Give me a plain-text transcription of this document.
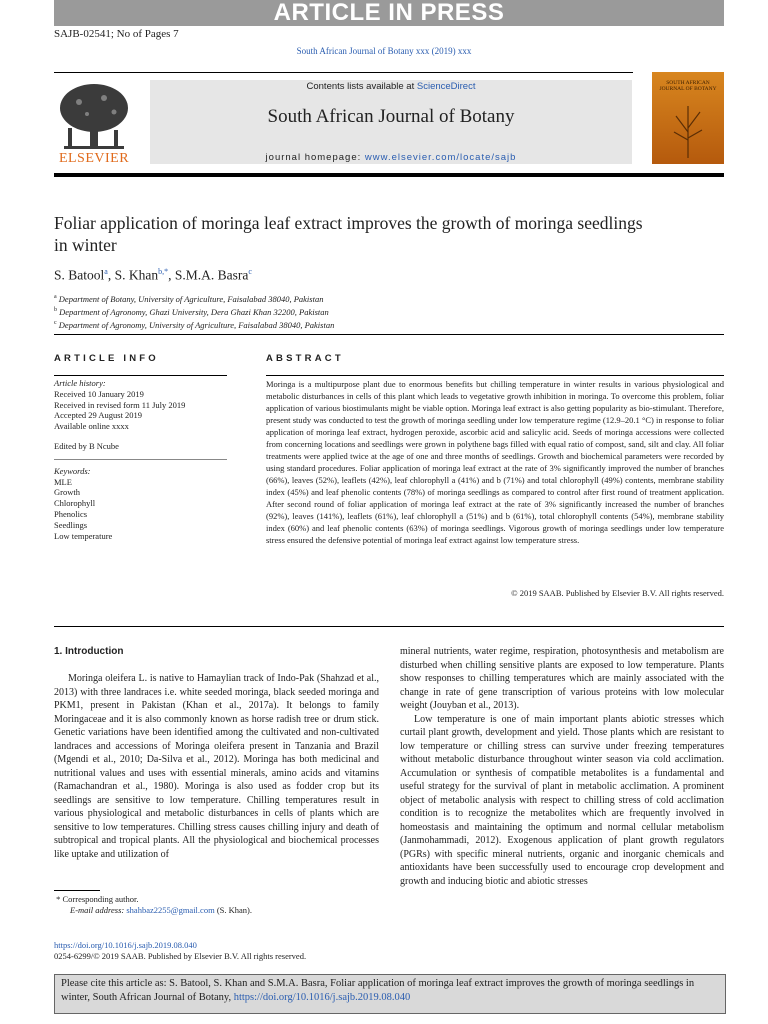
ARTICLE IN PRESS
SAJB-02541; No of Pages 7
South African Journal of Botany xxx (2019) xxx
ELSEVIER
Contents lists available at ScienceDirect
South African Journal of Botany
journal homepage: www.elsevier.com/locate/sajb
SOUTH AFRICAN JOURNAL OF BOTANY
Foliar application of moringa leaf extract improves the growth of moringa seedlings in winter
S. Batool$^a$, S. Khan$^{b,*}$, S.M.A. Basra$^c$
$^a$ Department of Botany, University of Agriculture, Faisalabad 38040, Pakistan
$^b$ Department of Agronomy, Ghazi University, Dera Ghazi Khan 32200, Pakistan
$^c$ Department of Agronomy, University of Agriculture, Faisalabad 38040, Pakistan
ARTICLE INFO	ABSTRACT
Article history:
Received 10 January 2019
Received in revised form 11 July 2019
Accepted 29 August 2019
Available online xxxx
Edited by B Ncube
Keywords:
MLE
Growth
Chlorophyll
Phenolics
Seedlings
Low temperature
Moringa is a multipurpose plant due to enormous benefits but chilling temperature in winter results in various physiological and metabolic disturbances in cells of this plant which leads to vegetative growth inhibition in moringa. To overcome this problem, foliar application of various biostimulants might be viable option. Moringa leaf extract is also getting popularity as bio-stimulant. Therefore, present study was conducted to test the growth of moringa seedling under low temperature regime (12.9–20.1 °C) in response to foliar application of moringa leaf extract, hydrogen peroxide, ascorbic acid and salicylic acid. Seeds of moringa accessions were collected from concerning locations and seedlings were grown in polythene bags filled with equal ratio of compost, sand, silt and clay. All foliar treatments were applied twice at the age of one and three months of seedlings. Growth and biochemical parameters were recorded by using standard procedures. Foliar application of moringa leaf extract at the rate of 3% significantly improved the number of branches (66%), leaves (52%), leaflets (42%), leaf chlorophyll a (41%) and b (71%) and total chlorophyll (49%) contents, membrane stability index (45%) and leaf phenolic contents (78%) of moringa seedlings as compared to control after first round of treatment application. After second round of foliar application of moringa leaf extract at the rate of 3% significantly increased the number of branches (92%), leaves (141%), leaflets (61%), leaf chlorophyll a (51%) and b (61%), total chlorophyll contents (54%), membrane stability index (60%) and leaf phenolic contents (63%) of moringa seedlings. Vigorous growth of moringa seedlings under low temperature stress ensured the defensive potential of moringa leaf extract against low temperature stress.
© 2019 SAAB. Published by Elsevier B.V. All rights reserved.
1. Introduction

Moringa oleifera L. is native to Hamaylian track of Indo-Pak (Shahzad et al., 2013) with three landraces i.e. white seeded moringa, black seeded moringa and PKM1, present in Pakistan (Khan et al., 2017a). It belongs to family Moringaceae and it is also commonly known as horse radish tree or drum stick. Genetic variations have been identified among the cultivated and non-cultivated landraces and accessions of Moringa oleifera present in Tanzania and Brazil (Mgendi et al., 2010; Da-Silva et al., 2012). Moringa has both medicinal and nutritional values and uses with essential minerals, amino acids and vitamins (Ramachandran et al., 1980). Moringa is also used as fodder crop but its seedlings are sensitive to low temperature. Chilling temperatures result in various physiological and metabolic disturbances in cells of plants which are sensitive to low temperatures. Chilling stress causes chilling injury and death of subtropical and tropical plants. All the physiological and biochemical processes like uptake and utilization of

mineral nutrients, water regime, respiration, photosynthesis and metabolism are disturbed when chilling sensitive plants are exposed to low temperature. Plants show responses to chilling temperatures which are mainly associated with the change in rate of gene transcription of various proteins with low molecular weight (Jouyban et al., 2013).

Low temperature is one of main important plants abiotic stresses which curtail plant growth, development and yield. Those plants which are resistant to low temperature or chilling stress can survive under freezing temperatures without metabolic disturbance throughout winter season via cold acclimation. Accumulation or synthesis of compatible metabolites is a fundamental and useful strategy for the survival of plant in metabolic acclimation. A prominent object of metabolic analysis with respect to chilling stress of cold acclimation condition is to recognize the metabolites which are frequently involved in homeostasis and maintaining the optimum and normal cellular metabolism (Janmohammadi, 2012). Exogenous application of plant growth regulators (PGRs) with specific mineral nutrients, organic and inorganic chemicals and antioxidants have been successfully used to encourage crop development and growth and inducing biotic and abiotic stresses

* Corresponding author.
E-mail address: shahbaz2255@gmail.com (S. Khan).
https://doi.org/10.1016/j.sajb.2019.08.040
0254-6299/© 2019 SAAB. Published by Elsevier B.V. All rights reserved.
Please cite this article as: S. Batool, S. Khan and S.M.A. Basra, Foliar application of moringa leaf extract improves the growth of moringa seedlings in winter, South African Journal of Botany, https://doi.org/10.1016/j.sajb.2019.08.040
